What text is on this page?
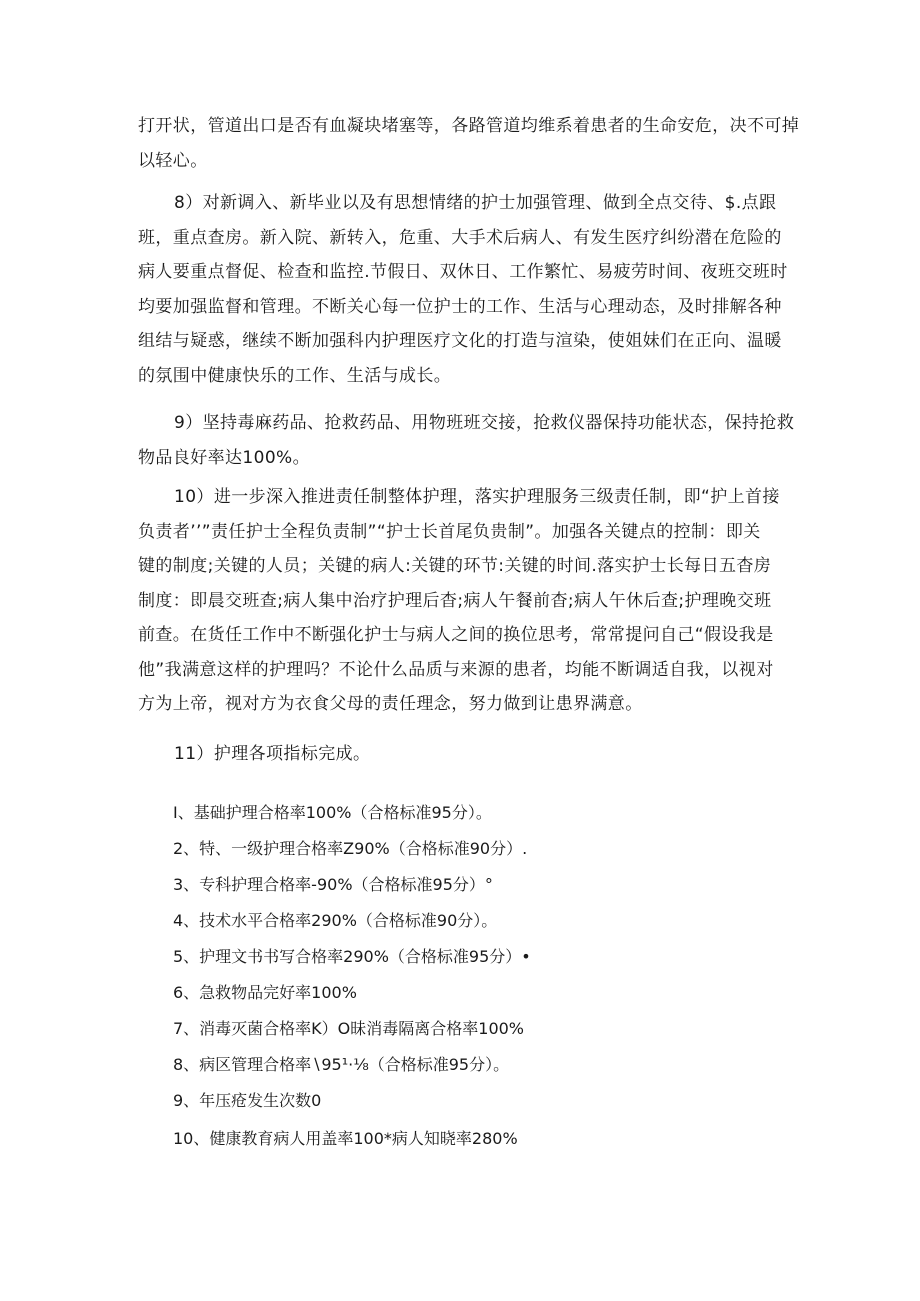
打开状，管道出口是否有血凝块堵塞等，各路管道均维系着患者的生命安危，决不可掉
以轻心。
8）对新调入、新毕业以及有思想情绪的护士加强管理、做到全点交待、$.点跟
班，重点查房。新入院、新转入，危重、大手术后病人、有发生医疗纠纷潜在危险的
病人要重点督促、检查和监控.节假日、双休日、工作繁忙、易疲劳时间、夜班交班时
均要加强监督和管理。不断关心每一位护士的工作、生活与心理动态，及时排解各种
组结与疑惑，继续不断加强科内护理医疗文化的打造与渲染，使姐妹们在正向、温暖
的氛围中健康快乐的工作、生活与成长。
9）坚持毒麻药品、抢救药品、用物班班交接，抢救仪器保持功能状态，保持抢救
物品良好率达100%。
10）进一步深入推进责任制整体护理，落实护理服务三级责任制，即“护上首接
负责者’’”责任护士全程负责制”“护士长首尾负贵制”。加强各关键点的控制：即关
键的制度;关键的人员；关键的病人:关键的环节:关键的时间.落实护士长每日五杳房
制度：即晨交班查;病人集中治疗护理后杳;病人午餐前杳;病人午休后查;护理晚交班
前查。在货任工作中不断强化护士与病人之间的换位思考，常常提问自己“假设我是
他”我满意这样的护理吗？不论什么品质与来源的患者，均能不断调适自我，以视对
方为上帝，视对方为衣食父母的责任理念，努力做到让患界满意。
11）护理各项指标完成。

I、基础护理合格率100%（合格标准95分）。

2、特、一级护理合格率Z90%（合格标准90分）.

3、专科护理合格率-90%（合格标准95分）°

4、技术水平合格率290%（合格标准90分）。

5、护理文书书写合格率290%（合格标准95分）•

6、急救物品完好率100%

7、消毒灭菌合格率K）O昧消毒隔离合格率100%

8、病区管理合格率∖95¹·⅛（合格标准95分）。

9、年压疮发生次数0

10、健康教育病人用盖率100*病人知晓率280%
